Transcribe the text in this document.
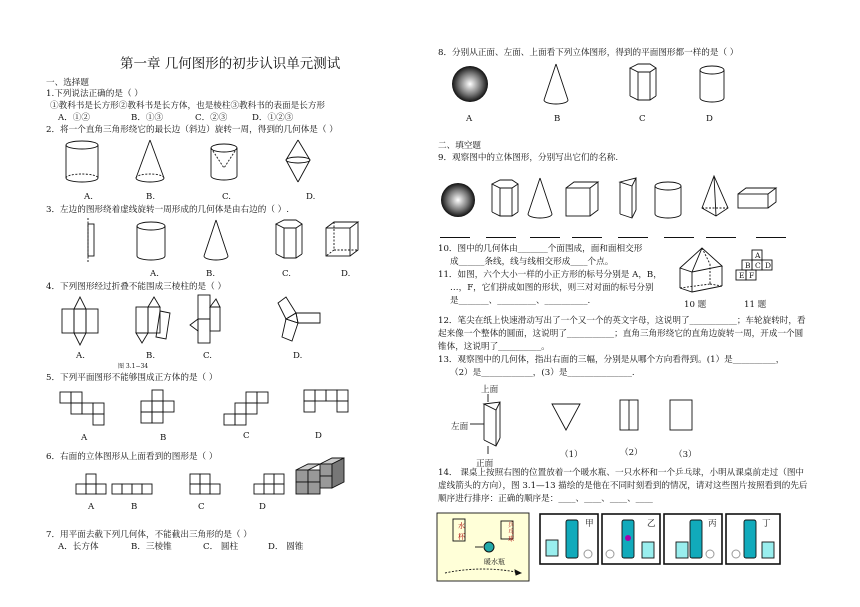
第一章 几何图形的初步认识单元测试
一、选择题
1.下列说法正确的是（ ）
①教科书是长方形②教科书是长方体，也是棱柱③教科书的表面是长方形
A．①②	B．①③	C．②③	D．①②③
2．将一个直角三角形绕它的最长边（斜边）旋转一周，得到的几何体是（ ）
A.	B.	C.	D.
3．左边的图形绕着虚线旋转一周形成的几何体是由右边的（ ）.
A.	B.	C.	D.
4．下列图形经过折叠不能围成三棱柱的是（ ）
A.	B.	C.	D.
图 3.1−34
5．下列平面图形不能够围成正方体的是（ ）
A	B	C	D
6．右面的立体图形从上面看到的图形是（ ）
A	B	C	D
7．用平面去截下列几何体，不能截出三角形的是（ ）
A．长方体	B．三棱锥	C． 圆柱	D． 圆锥
8．分别从正面、左面、上面看下列立体图形，得到的平面图形都一样的是（ ）
A	B	C	D
二、填空题
9．观察图中的立体图形，分别写出它们的名称.
10．图中的几何体由_______个面围成，面和面相交形
成______条线，线与线相交形成____个点。
11．如图，六个大小一样的小正方形的标号分别是 A，B，
…，F，它们拼成如图的形状，则三对对面的标号分别
是_______、_________、__________.	10 题
A
B C D
E F
11 题
12．笔尖在纸上快速滑动写出了一个又一个的英文字母，这说明了___________；车轮旋转时，看
起来像一个整体的圆面，这说明了___________；直角三角形绕它的直角边旋转一周，开成一个圆
锥体，这说明了__________。
13．观察图中的几何体，指出右面的三幅，分别是从哪个方向看得到。(1）是__________，
（2）是____________，(3）是_______________.
上面
左面
正面
（1）	（2）	（3）
14． 课桌上按照右图的位置放着一个暖水瓶、一只水杯和一个乒乓球，小明从课桌前走过（图中
虚线箭头的方向），图 3.1—13 描绘的是他在不同时刻看到的情况，请对这些图片按照看到的先后
顺序进行排序：正确的顺序是：____、____、____、____
水
杯
乒
乓
球
暖水瓶
甲	乙	丙	丁
